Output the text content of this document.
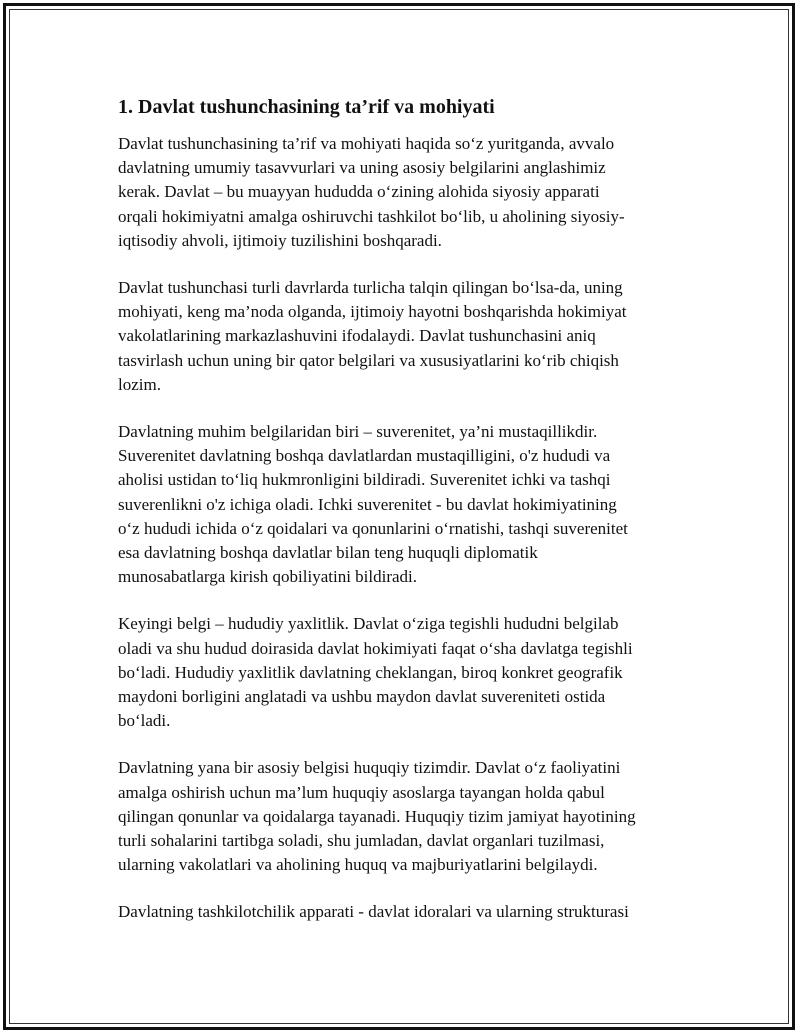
1. Davlat tushunchasining ta’rif va mohiyati

Davlat tushunchasining ta’rif va mohiyati haqida so‘z yuritganda, avvalo
davlatning umumiy tasavvurlari va uning asosiy belgilarini anglashimiz
kerak. Davlat – bu muayyan hududda o‘zining alohida siyosiy apparati
orqali hokimiyatni amalga oshiruvchi tashkilot bo‘lib, u aholining siyosiy-
iqtisodiy ahvoli, ijtimoiy tuzilishini boshqaradi.

Davlat tushunchasi turli davrlarda turlicha talqin qilingan bo‘lsa-da, uning
mohiyati, keng ma’noda olganda, ijtimoiy hayotni boshqarishda hokimiyat
vakolatlarining markazlashuvini ifodalaydi. Davlat tushunchasini aniq
tasvirlash uchun uning bir qator belgilari va xususiyatlarini ko‘rib chiqish
lozim.

Davlatning muhim belgilaridan biri – suverenitet, ya’ni mustaqillikdir.
Suverenitet davlatning boshqa davlatlardan mustaqilligini, o'z hududi va
aholisi ustidan to‘liq hukmronligini bildiradi. Suverenitet ichki va tashqi
suverenlikni o'z ichiga oladi. Ichki suverenitet - bu davlat hokimiyatining
o‘z hududi ichida o‘z qoidalari va qonunlarini o‘rnatishi, tashqi suverenitet
esa davlatning boshqa davlatlar bilan teng huquqli diplomatik
munosabatlarga kirish qobiliyatini bildiradi.

Keyingi belgi – hududiy yaxlitlik. Davlat o‘ziga tegishli hududni belgilab
oladi va shu hudud doirasida davlat hokimiyati faqat o‘sha davlatga tegishli
bo‘ladi. Hududiy yaxlitlik davlatning cheklangan, biroq konkret geografik
maydoni borligini anglatadi va ushbu maydon davlat suvereniteti ostida
bo‘ladi.

Davlatning yana bir asosiy belgisi huquqiy tizimdir. Davlat o‘z faoliyatini
amalga oshirish uchun ma’lum huquqiy asoslarga tayangan holda qabul
qilingan qonunlar va qoidalarga tayanadi. Huquqiy tizim jamiyat hayotining
turli sohalarini tartibga soladi, shu jumladan, davlat organlari tuzilmasi,
ularning vakolatlari va aholining huquq va majburiyatlarini belgilaydi.

Davlatning tashkilotchilik apparati - davlat idoralari va ularning strukturasi
